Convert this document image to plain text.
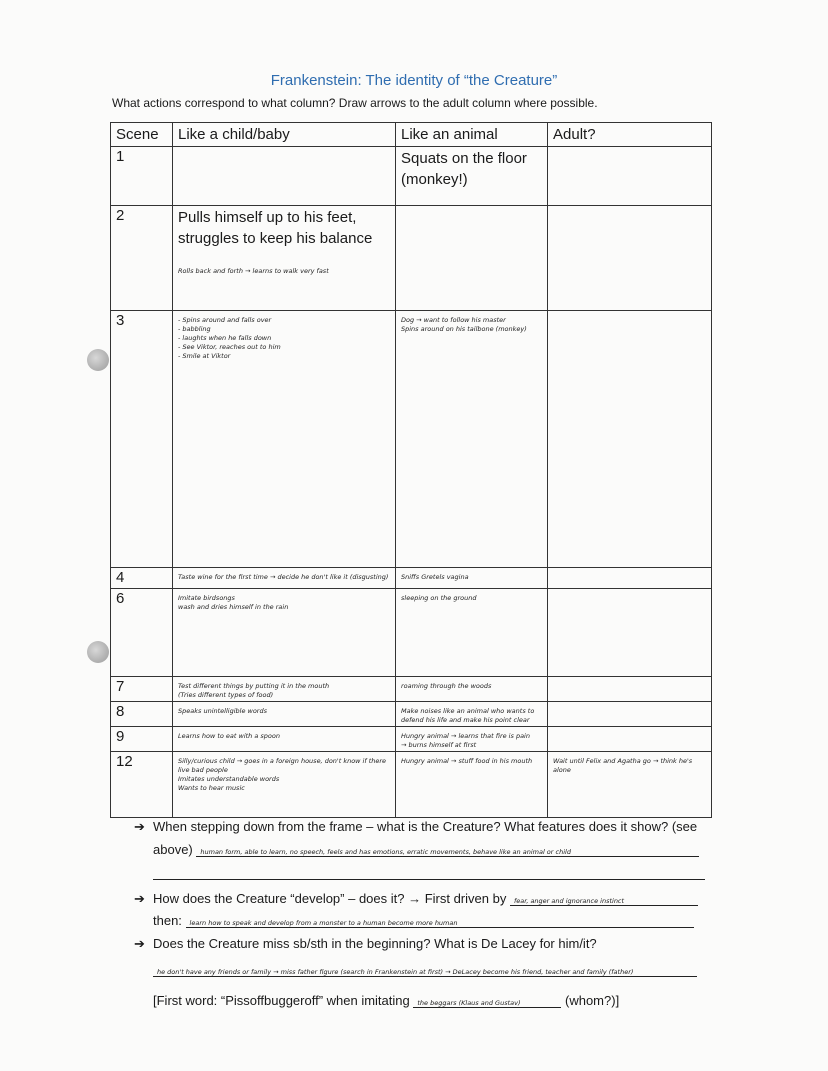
Frankenstein: The identity of “the Creature”
What actions correspond to what column? Draw arrows to the adult column where possible.
Scene	Like a child/baby	Like an animal	Adult?
1		Squats on the floor (monkey!)	

2	Pulls himself up to his feet, struggles to keep his balance
Rolls back and forth → learns to walk very fast		

3	- Spins around and falls over
- babbling
- laughts when he falls down
- See Viktor, reaches out to him
- Smile at Viktor	Dog → want to follow his master
Spins around on his tailbone (monkey)	

4	Taste wine for the first time → decide he don't like it (disgusting)	Sniffs Gretels vagina	

6	Imitate birdsongs
wash and dries himself in the rain	sleeping on the ground	

7	Test different things by putting it in the mouth
(Tries different types of food)	roaming through the woods	

8	Speaks unintelligible words	Make noises like an animal who wants to
defend his life and make his point clear	

9	Learns how to eat with a spoon	Hungry animal → learns that fire is pain
→ burns himself at first	

12	Silly/curious child → goes in a foreign house, don't know if there live bad people
Imitates understandable words
Wants to hear music	Hungry animal → stuff food in his mouth	Wait until Felix and Agatha go → think he's alone
➔ When stepping down from the frame – what is the Creature? What features does it show? (see
above) human form, able to learn, no speech, feels and has emotions, erratic movements, behave like an animal or child
➔ How does the Creature “develop” – does it? → First driven by fear, anger and ignorance instinct
then: learn how to speak and develop from a monster to a human become more human
➔ Does the Creature miss sb/sth in the beginning? What is De Lacey for him/it?
he don't have any friends or family → miss father figure (search in Frankenstein at first) → DeLacey become his friend, teacher and family (father)
[First word: “Pissoffbuggeroff” when imitating the beggars (Klaus and Gustav)	(whom?)]
